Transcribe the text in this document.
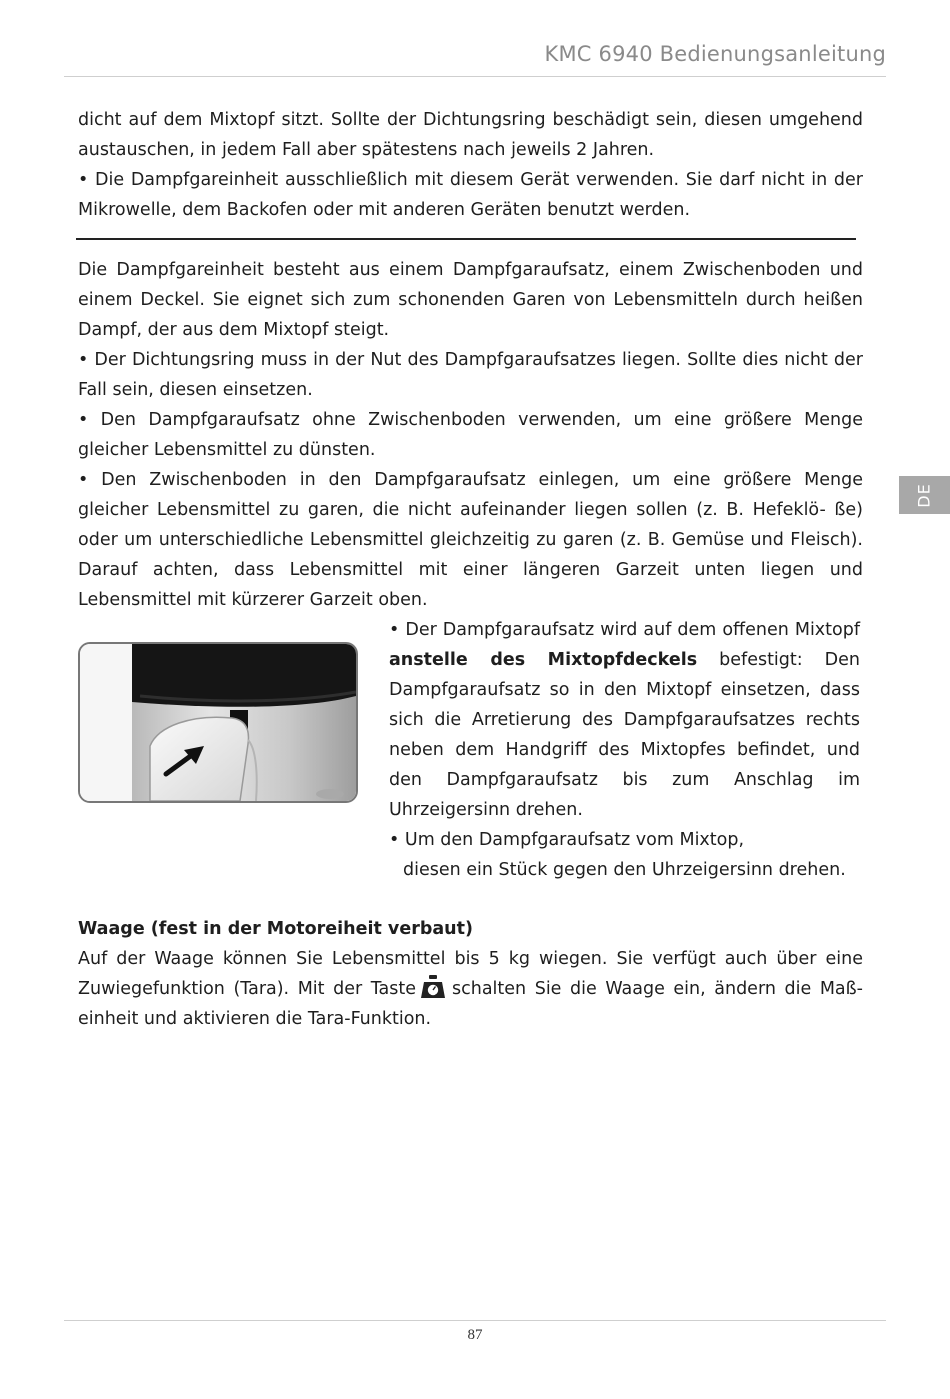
KMC 6940 Bedienungsanleitung

dicht auf dem Mixtopf sitzt. Sollte der Dichtungsring beschädigt sein, diesen umgehend austauschen, in jedem Fall aber spätestens nach jeweils 2 Jahren.

• Die Dampfgareinheit ausschließlich mit diesem Gerät verwenden. Sie darf nicht in der Mikrowelle, dem Backofen oder mit anderen Geräten benutzt werden.

Die Dampfgareinheit besteht aus einem Dampfgaraufsatz, einem Zwischenboden und einem Deckel. Sie eignet sich zum schonenden Garen von Lebensmitteln durch heißen Dampf, der aus dem Mixtopf steigt.

• Der Dichtungsring muss in der Nut des Dampfgaraufsatzes liegen. Sollte dies nicht der Fall sein, diesen einsetzen.

• Den Dampfgaraufsatz ohne Zwischenboden verwenden, um eine größere Menge gleicher Lebensmittel zu dünsten.

• Den Zwischenboden in den Dampfgaraufsatz einlegen, um eine größere Menge gleicher Lebensmittel zu garen, die nicht aufeinander liegen sollen (z. B. Hefeklö- ße) oder um unterschiedliche Lebensmittel gleichzeitig zu garen (z. B. Gemüse und Fleisch). Darauf achten, dass Lebensmittel mit einer längeren Garzeit unten liegen und Lebensmittel mit kürzerer Garzeit oben.

DE

• Der Dampfgaraufsatz wird auf dem offenen Mixtopf anstelle des Mixtopfdeckels befestigt: Den Dampfgaraufsatz so in den Mixtopf einsetzen, dass sich die Arretierung des Dampfgaraufsatzes rechts neben dem Handgriff des Mixtopfes befindet, und den Dampfgaraufsatz bis zum Anschlag im Uhrzeigersinn drehen.

• Um den Dampfgaraufsatz vom Mixtop,

diesen ein Stück gegen den Uhrzeigersinn drehen.

Waage (fest in der Motoreiheit verbaut)

Auf der Waage können Sie Lebensmittel bis 5 kg wiegen. Sie verfügt auch über eine Zuwiegefunktion (Tara). Mit der Taste schalten Sie die Waage ein, ändern die Maßeinheit und aktivieren die Tara-Funktion.

87
